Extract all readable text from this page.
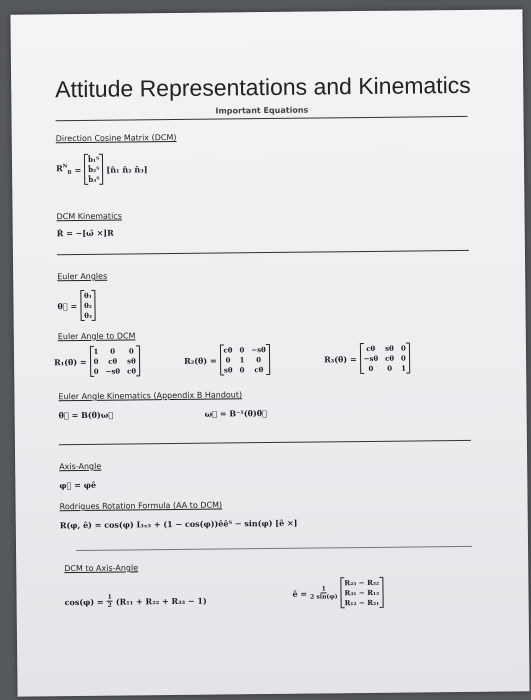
Attitude Representations and Kinematics
Important Equations
Direction Cosine Matrix (DCM)
$R^N_B$ =
b̂₁ᵀ
b̂₂ᵀ
b̂₃ᵀ
[n̂₁ n̂₂ n̂₃]
DCM Kinematics
Ṙ = −[ω̃ ×]R
Euler Angles
θ⃗ =
θ₁
θ₂
θ₃
Euler Angle to DCM
R₁(θ) =
1	0	0
0	cθ	sθ
0 −sθ cθ
R₂(θ) =
cθ 0 −sθ
0 1	0
sθ 0	cθ
R₃(θ) =
cθ	sθ 0
−sθ cθ 0
0	0 1
Euler Angle Kinematics (Appendix B Handout)
θ̇⃗ = B(θ)ω⃗	ω⃗ = B⁻¹(θ)θ̇⃗
Axis-Angle
φ⃗ = φê
Rodrigues Rotation Formula (AA to DCM)
R(φ, ê) = cos(φ) I₃ₓ₃ + (1 − cos(φ))êêᵀ − sin(φ) [ê ×]
DCM to Axis-Angle
$\cos(\varphi) = \frac{1}{2} (R_{11} + R_{22} + R_{33} - 1)$
ê = $\frac{1}{2 \sin(\varphi)}$
R₂₃ − R₃₂
R₃₁ − R₁₃
R₁₂ − R₂₁
